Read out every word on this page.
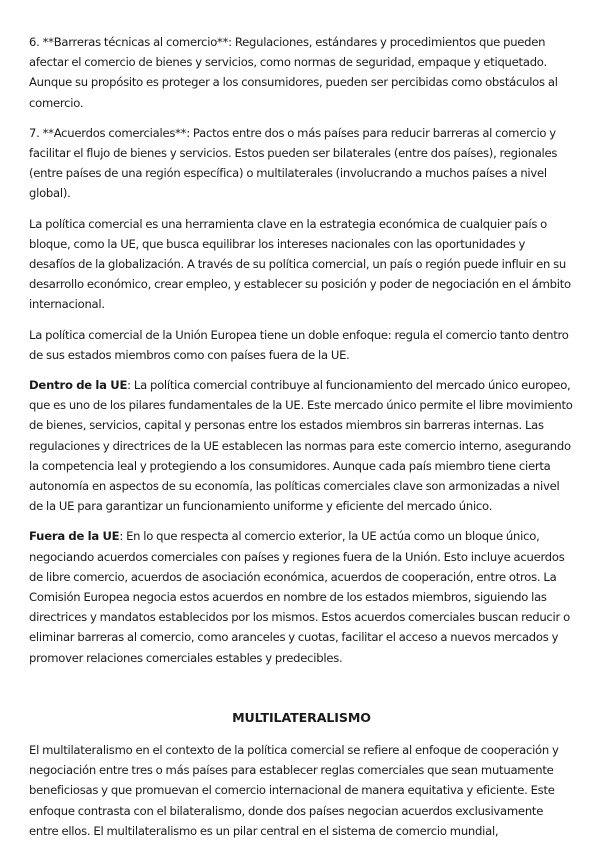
6. **Barreras técnicas al comercio**: Regulaciones, estándares y procedimientos que pueden afectar el comercio de bienes y servicios, como normas de seguridad, empaque y etiquetado. Aunque su propósito es proteger a los consumidores, pueden ser percibidas como obstáculos al comercio.

7. **Acuerdos comerciales**: Pactos entre dos o más países para reducir barreras al comercio y facilitar el flujo de bienes y servicios. Estos pueden ser bilaterales (entre dos países), regionales (entre países de una región específica) o multilaterales (involucrando a muchos países a nivel global).

La política comercial es una herramienta clave en la estrategia económica de cualquier país o bloque, como la UE, que busca equilibrar los intereses nacionales con las oportunidades y desafíos de la globalización. A través de su política comercial, un país o región puede influir en su desarrollo económico, crear empleo, y establecer su posición y poder de negociación en el ámbito internacional.

La política comercial de la Unión Europea tiene un doble enfoque: regula el comercio tanto dentro de sus estados miembros como con países fuera de la UE.

Dentro de la UE: La política comercial contribuye al funcionamiento del mercado único europeo, que es uno de los pilares fundamentales de la UE. Este mercado único permite el libre movimiento de bienes, servicios, capital y personas entre los estados miembros sin barreras internas. Las regulaciones y directrices de la UE establecen las normas para este comercio interno, asegurando la competencia leal y protegiendo a los consumidores. Aunque cada país miembro tiene cierta autonomía en aspectos de su economía, las políticas comerciales clave son armonizadas a nivel de la UE para garantizar un funcionamiento uniforme y eficiente del mercado único.

Fuera de la UE: En lo que respecta al comercio exterior, la UE actúa como un bloque único, negociando acuerdos comerciales con países y regiones fuera de la Unión. Esto incluye acuerdos de libre comercio, acuerdos de asociación económica, acuerdos de cooperación, entre otros. La Comisión Europea negocia estos acuerdos en nombre de los estados miembros, siguiendo las directrices y mandatos establecidos por los mismos. Estos acuerdos comerciales buscan reducir o eliminar barreras al comercio, como aranceles y cuotas, facilitar el acceso a nuevos mercados y promover relaciones comerciales estables y predecibles.

MULTILATERALISMO

El multilateralismo en el contexto de la política comercial se refiere al enfoque de cooperación y negociación entre tres o más países para establecer reglas comerciales que sean mutuamente beneficiosas y que promuevan el comercio internacional de manera equitativa y eficiente. Este enfoque contrasta con el bilateralismo, donde dos países negocian acuerdos exclusivamente entre ellos. El multilateralismo es un pilar central en el sistema de comercio mundial,
